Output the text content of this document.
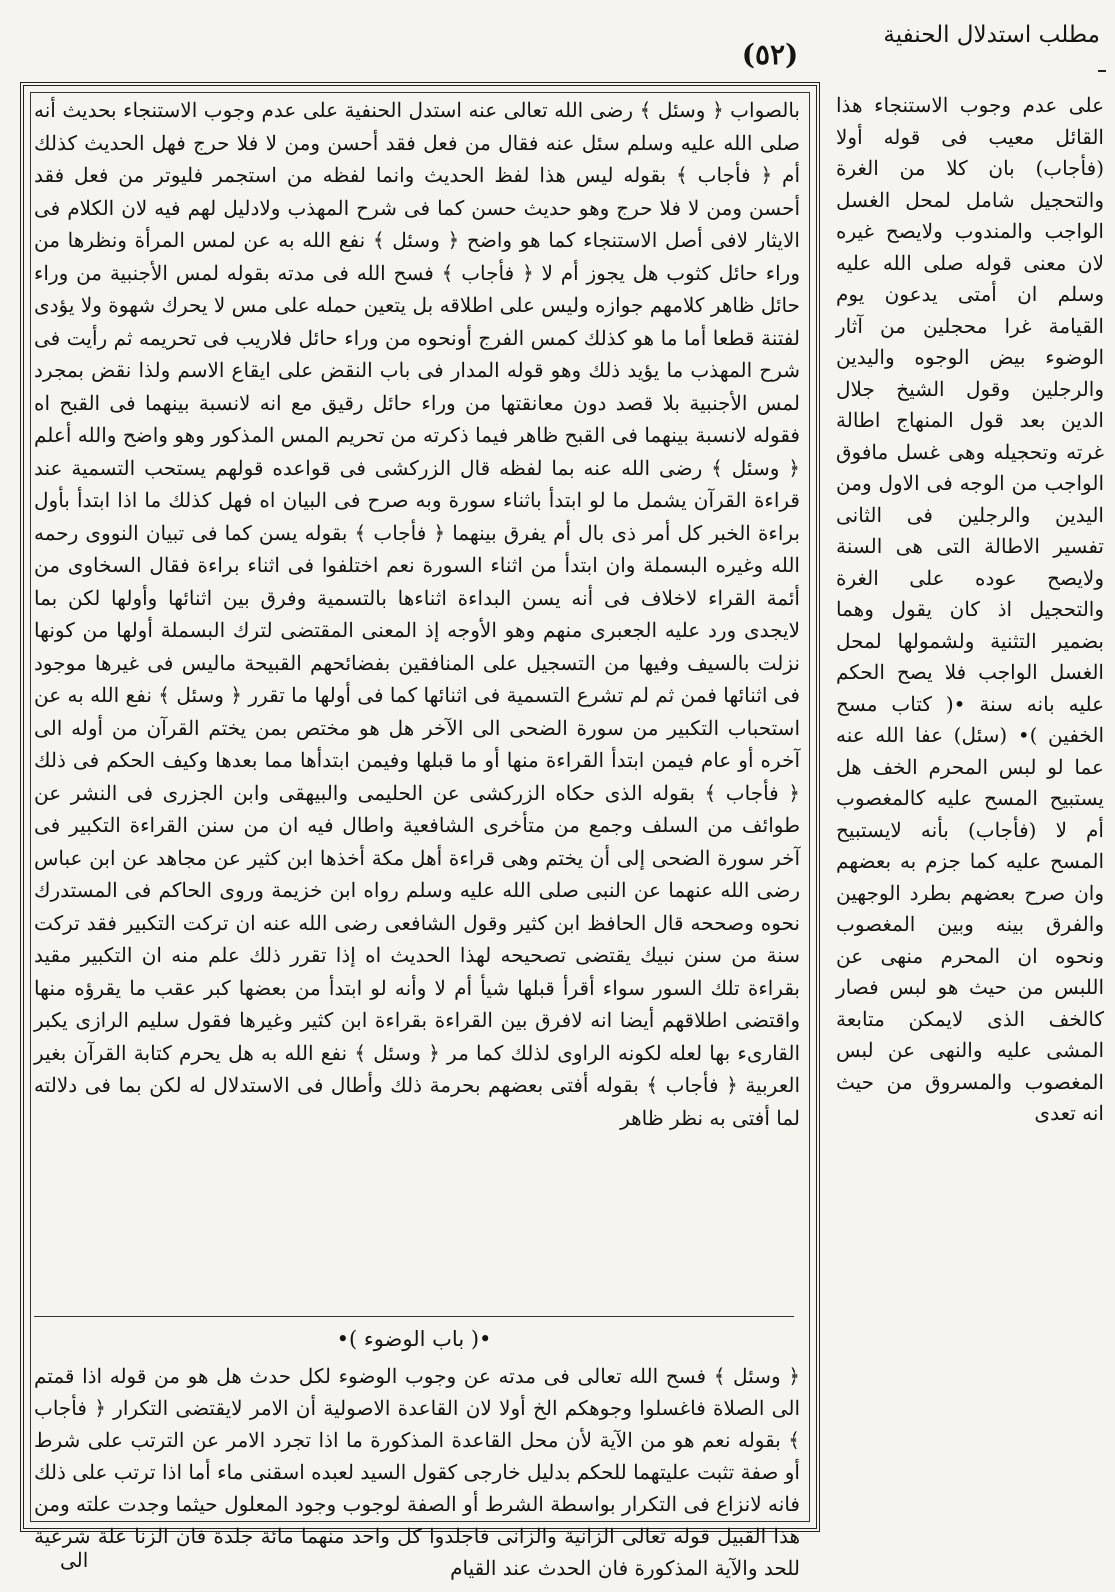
(٥٢)
مطلب استدلال الحنفية

بالصواب ﴿ وسئل ﴾ رضى الله تعالى عنه استدل الحنفية على عدم وجوب الاستنجاء بحديث أنه صلى الله عليه وسلم سئل عنه فقال من فعل فقد أحسن ومن لا فلا حرج فهل الحديث كذلك أم ﴿ فأجاب ﴾ بقوله ليس هذا لفظ الحديث وانما لفظه من استجمر فليوتر من فعل فقد أحسن ومن لا فلا حرج وهو حديث حسن كما فى شرح المهذب ولادليل لهم فيه لان الكلام فى الايثار لافى أصل الاستنجاء كما هو واضح ﴿ وسئل ﴾ نفع الله به عن لمس المرأة ونظرها من وراء حائل كثوب هل يجوز أم لا ﴿ فأجاب ﴾ فسح الله فى مدته بقوله لمس الأجنبية من وراء حائل ظاهر كلامهم جوازه وليس على اطلاقه بل يتعين حمله على مس لا يحرك شهوة ولا يؤدى لفتنة قطعا أما ما هو كذلك كمس الفرج أونحوه من وراء حائل فلاريب فى تحريمه ثم رأيت فى شرح المهذب ما يؤيد ذلك وهو قوله المدار فى باب النقض على ايقاع الاسم ولذا نقض بمجرد لمس الأجنبية بلا قصد دون معانقتها من وراء حائل رقيق مع انه لانسبة بينهما فى القبح اه فقوله لانسبة بينهما فى القبح ظاهر فيما ذكرته من تحريم المس المذكور وهو واضح والله أعلم ﴿ وسئل ﴾ رضى الله عنه بما لفظه قال الزركشى فى قواعده قولهم يستحب التسمية عند قراءة القرآن يشمل ما لو ابتدأ باثناء سورة وبه صرح فى البيان اه فهل كذلك ما اذا ابتدأ بأول براءة الخبر كل أمر ذى بال أم يفرق بينهما ﴿ فأجاب ﴾ بقوله يسن كما فى تبيان النووى رحمه الله وغيره البسملة وان ابتدأ من اثناء السورة نعم اختلفوا فى اثناء براءة فقال السخاوى من أئمة القراء لاخلاف فى أنه يسن البداءة اثناءها بالتسمية وفرق بين اثنائها وأولها لكن بما لايجدى ورد عليه الجعبرى منهم وهو الأوجه إذ المعنى المقتضى لترك البسملة أولها من كونها نزلت بالسيف وفيها من التسجيل على المنافقين بفضائحهم القبيحة ماليس فى غيرها موجود فى اثنائها فمن ثم لم تشرع التسمية فى اثنائها كما فى أولها ما تقرر ﴿ وسئل ﴾ نفع الله به عن استحباب التكبير من سورة الضحى الى الآخر هل هو مختص بمن يختم القرآن من أوله الى آخره أو عام فيمن ابتدأ القراءة منها أو ما قبلها وفيمن ابتدأها مما بعدها وكيف الحكم فى ذلك ﴿ فأجاب ﴾ بقوله الذى حكاه الزركشى عن الحليمى والبيهقى وابن الجزرى فى النشر عن طوائف من السلف وجمع من متأخرى الشافعية واطال فيه ان من سنن القراءة التكبير فى آخر سورة الضحى إلى أن يختم وهى قراءة أهل مكة أخذها ابن كثير عن مجاهد عن ابن عباس رضى الله عنهما عن النبى صلى الله عليه وسلم رواه ابن خزيمة وروى الحاكم فى المستدرك نحوه وصححه قال الحافظ ابن كثير وقول الشافعى رضى الله عنه ان تركت التكبير فقد تركت سنة من سنن نبيك يقتضى تصحيحه لهذا الحديث اه إذا تقرر ذلك علم منه ان التكبير مقيد بقراءة تلك السور سواء أقرأ قبلها شيأ أم لا وأنه لو ابتدأ من بعضها كبر عقب ما يقرؤه منها واقتضى اطلاقهم أيضا انه لافرق بين القراءة بقراءة ابن كثير وغيرها فقول سليم الرازى يكبر القارىء بها لعله لكونه الراوى لذلك كما مر ﴿ وسئل ﴾ نفع الله به هل يحرم كتابة القرآن بغير العربية ﴿ فأجاب ﴾ بقوله أفتى بعضهم بحرمة ذلك وأطال فى الاستدلال له لكن بما فى دلالته لما أفتى به نظر ظاهر

•( باب الوضوء )•

﴿ وسئل ﴾ فسح الله تعالى فى مدته عن وجوب الوضوء لكل حدث هل هو من قوله اذا قمتم الى الصلاة فاغسلوا وجوهكم الخ أولا لان القاعدة الاصولية أن الامر لايقتضى التكرار ﴿ فأجاب ﴾ بقوله نعم هو من الآية لأن محل القاعدة المذكورة ما اذا تجرد الامر عن الترتب على شرط أو صفة تثبت عليتهما للحكم بدليل خارجى كقول السيد لعبده اسقنى ماء أما اذا ترتب على ذلك فانه لانزاع فى التكرار بواسطة الشرط أو الصفة لوجوب وجود المعلول حيثما وجدت علته ومن هذا القبيل قوله تعالى الزانية والزانى فاجلدوا كل واحد منهما مائة جلدة فان الزنا علة شرعية للحد والآية المذكورة فان الحدث عند القيام

على عدم وجوب الاستنجاء هذا القائل معيب فى قوله أولا (فأجاب) بان كلا من الغرة والتحجيل شامل لمحل الغسل الواجب والمندوب ولايصح غيره لان معنى قوله صلى الله عليه وسلم ان أمتى يدعون يوم القيامة غرا محجلين من آثار الوضوء بيض الوجوه واليدين والرجلين وقول الشيخ جلال الدين بعد قول المنهاج اطالة غرته وتحجيله وهى غسل مافوق الواجب من الوجه فى الاول ومن اليدين والرجلين فى الثانى تفسير الاطالة التى هى السنة ولايصح عوده على الغرة والتحجيل اذ كان يقول وهما بضمير التثنية ولشمولها لمحل الغسل الواجب فلا يصح الحكم عليه بانه سنة •( كتاب مسح الخفين )• (سئل) عفا الله عنه عما لو لبس المحرم الخف هل يستبيح المسح عليه كالمغصوب أم لا (فأجاب) بأنه لايستبيح المسح عليه كما جزم به بعضهم وان صرح بعضهم بطرد الوجهين والفرق بينه وبين المغصوب ونحوه ان المحرم منهى عن اللبس من حيث هو لبس فصار كالخف الذى لايمكن متابعة المشى عليه والنهى عن لبس المغصوب والمسروق من حيث انه تعدى

الى
